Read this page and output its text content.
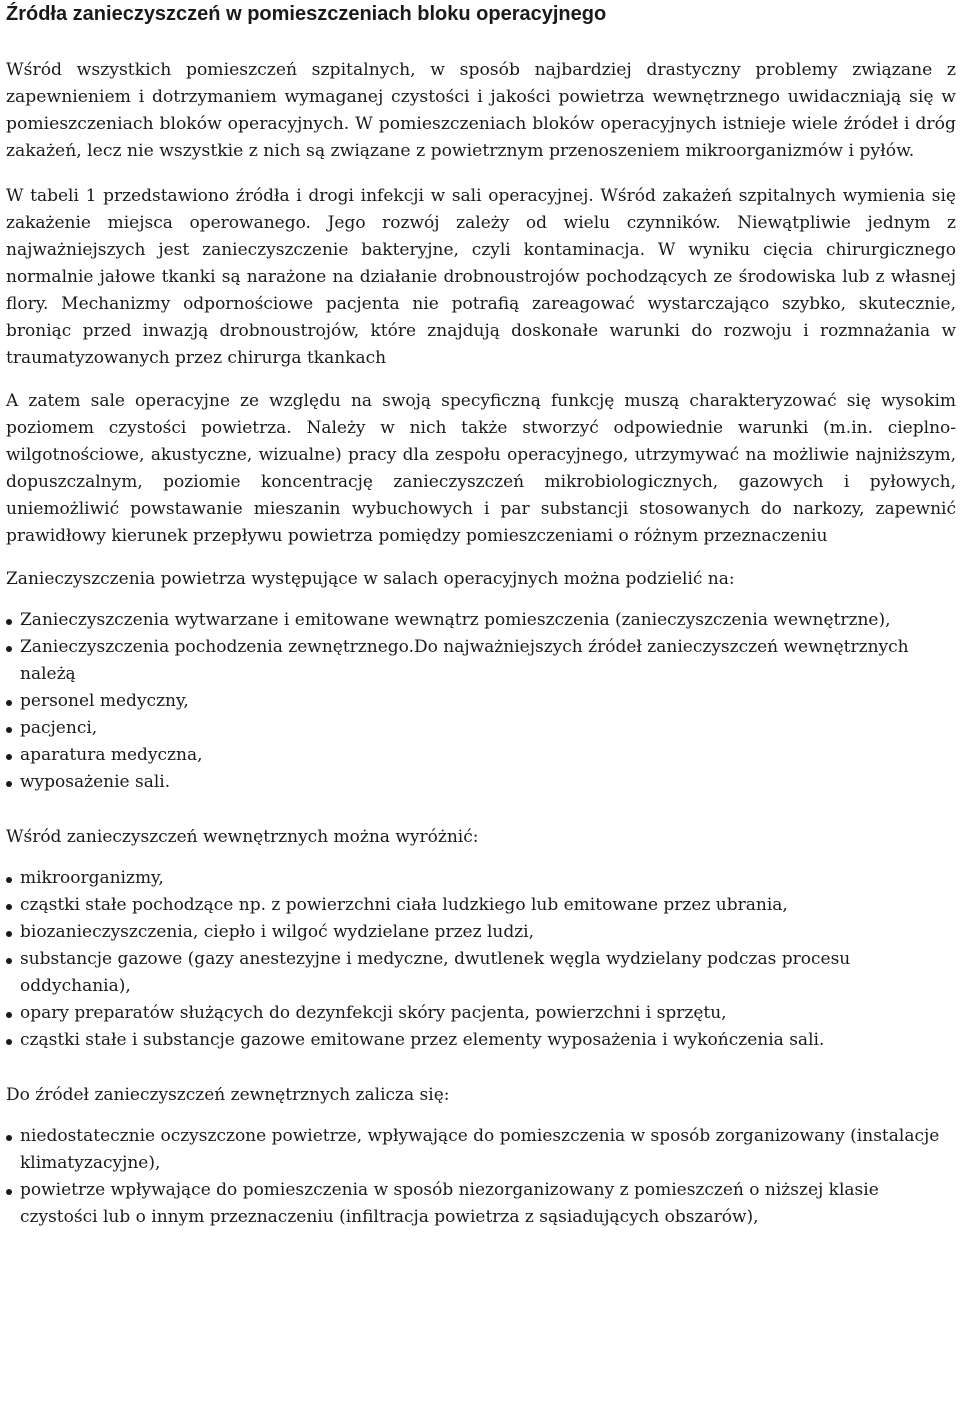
Źródła zanieczyszczeń w pomieszczeniach bloku operacyjnego

Wśród wszystkich pomieszczeń szpitalnych, w sposób najbardziej drastyczny problemy związane z zapewnieniem i dotrzymaniem wymaganej czystości i jakości powietrza wewnętrznego uwidaczniają się w pomieszczeniach bloków operacyjnych. W pomieszczeniach bloków operacyjnych istnieje wiele źródeł i dróg zakażeń, lecz nie wszystkie z nich są związane z powietrznym przenoszeniem mikroorganizmów i pyłów.

W tabeli 1 przedstawiono źródła i drogi infekcji w sali operacyjnej. Wśród zakażeń szpitalnych wymienia się zakażenie miejsca operowanego. Jego rozwój zależy od wielu czynników. Niewątpliwie jednym z najważniejszych jest zanieczyszczenie bakteryjne, czyli kontaminacja. W wyniku cięcia chirurgicznego normalnie jałowe tkanki są narażone na działanie drobnoustrojów pochodzących ze środowiska lub z własnej flory. Mechanizmy odpornościowe pacjenta nie potrafią zareagować wystarczająco szybko, skutecznie, broniąc przed inwazją drobnoustrojów, które znajdują doskonałe warunki do rozwoju i rozmnażania w traumatyzowanych przez chirurga tkankach

A zatem sale operacyjne ze względu na swoją specyficzną funkcję muszą charakteryzować się wysokim poziomem czystości powietrza. Należy w nich także stworzyć odpowiednie warunki (m.in. cieplno-wilgotnościowe, akustyczne, wizualne) pracy dla zespołu operacyjnego, utrzymywać na możliwie najniższym, dopuszczalnym, poziomie koncentrację zanieczyszczeń mikrobiologicznych, gazowych i pyłowych, uniemożliwić powstawanie mieszanin wybuchowych i par substancji stosowanych do narkozy, zapewnić prawidłowy kierunek przepływu powietrza pomiędzy pomieszczeniami o różnym przeznaczeniu

Zanieczyszczenia powietrza występujące w salach operacyjnych można podzielić na:

Zanieczyszczenia wytwarzane i emitowane wewnątrz pomieszczenia (zanieczyszczenia wewnętrzne),
Zanieczyszczenia pochodzenia zewnętrznego.Do najważniejszych źródeł zanieczyszczeń wewnętrznych należą
personel medyczny,
pacjenci,
aparatura medyczna,
wyposażenie sali.

Wśród zanieczyszczeń wewnętrznych można wyróżnić:

mikroorganizmy,
cząstki stałe pochodzące np. z powierzchni ciała ludzkiego lub emitowane przez ubrania,
biozanieczyszczenia, ciepło i wilgoć wydzielane przez ludzi,
substancje gazowe (gazy anestezyjne i medyczne, dwutlenek węgla wydzielany podczas procesu oddychania),
opary preparatów służących do dezynfekcji skóry pacjenta, powierzchni i sprzętu,
cząstki stałe i substancje gazowe emitowane przez elementy wyposażenia i wykończenia sali.

Do źródeł zanieczyszczeń zewnętrznych zalicza się:

niedostatecznie oczyszczone powietrze, wpływające do pomieszczenia w sposób zorganizowany (instalacje klimatyzacyjne),
powietrze wpływające do pomieszczenia w sposób niezorganizowany z pomieszczeń o niższej klasie czystości lub o innym przeznaczeniu (infiltracja powietrza z sąsiadujących obszarów),
